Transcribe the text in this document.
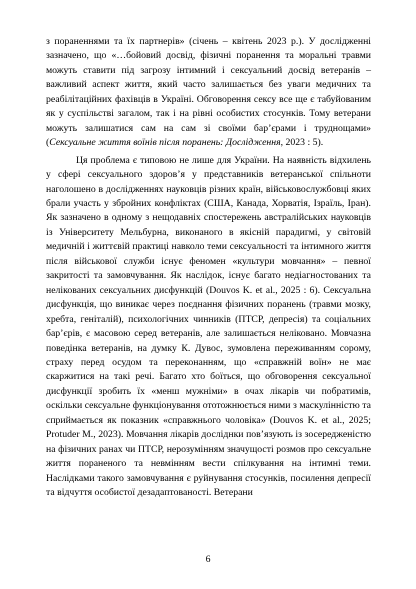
з пораненнями та їх партнерів» (січень – квітень 2023 р.). У дослідженні зазначено, що «…бойовий досвід, фізичні поранення та моральні травми можуть ставити під загрозу інтимний і сексуальний досвід ветеранів – важливий аспект життя, який часто залишається без уваги медичних та реабілітаційних фахівців в Україні. Обговорення сексу все ще є табуйованим як у суспільстві загалом, так і на рівні особистих стосунків. Тому ветерани можуть залишатися сам на сам зі своїми бар’єрами і труднощами» (Сексуальне життя воїнів після поранень: Дослідження, 2023 : 5).

Ця проблема є типовою не лише для України. На наявність відхилень у сфері сексуального здоров’я у представників ветеранської спільноти наголошено в дослідженнях науковців різних країн, військовослужбовці яких брали участь у збройних конфліктах (США, Канада, Хорватія, Ізраїль, Іран). Як зазначено в одному з нещодавніх спостережень австралійських науковців із Університету Мельбурна, виконаного в якісній парадигмі, у світовій медичній і життєвій практиці навколо теми сексуальності та інтимного життя після військової служби існує феномен «культури мовчання» – певної закритості та замовчування. Як наслідок, існує багато недіагностованих та нелікованих сексуальних дисфункцій (Douvos K. et al., 2025 : 6). Сексуальна дисфункція, що виникає через поєднання фізичних поранень (травми мозку, хребта, геніталій), психологічних чинників (ПТСР, депресія) та соціальних бар’єрів, є масовою серед ветеранів, але залишається неліковано. Мовчазна поведінка ветеранів, на думку К. Дувос, зумовлена переживанням сорому, страху перед осудом та переконанням, що «справжній воїн» не має скаржитися на такі речі. Багато хто боїться, що обговорення сексуальної дисфункції зробить їх «менш мужніми» в очах лікарів чи побратимів, оскільки сексуальне функціонування ототожнюється ними з маскулінністю та сприймається як показник «справжнього чоловіка» (Douvos K. et al., 2025; Protuder M., 2023). Мовчання лікарів досліднки пов’язують із зосередженістю на фізичних ранах чи ПТСР, нерозумінням значущості розмов про сексуальне життя пораненого та невмінням вести спілкування на інтимні теми. Наслідками такого замовчування є руйнування стосунків, посилення депресії та відчуття особистої дезадаптованості. Ветерани

6
